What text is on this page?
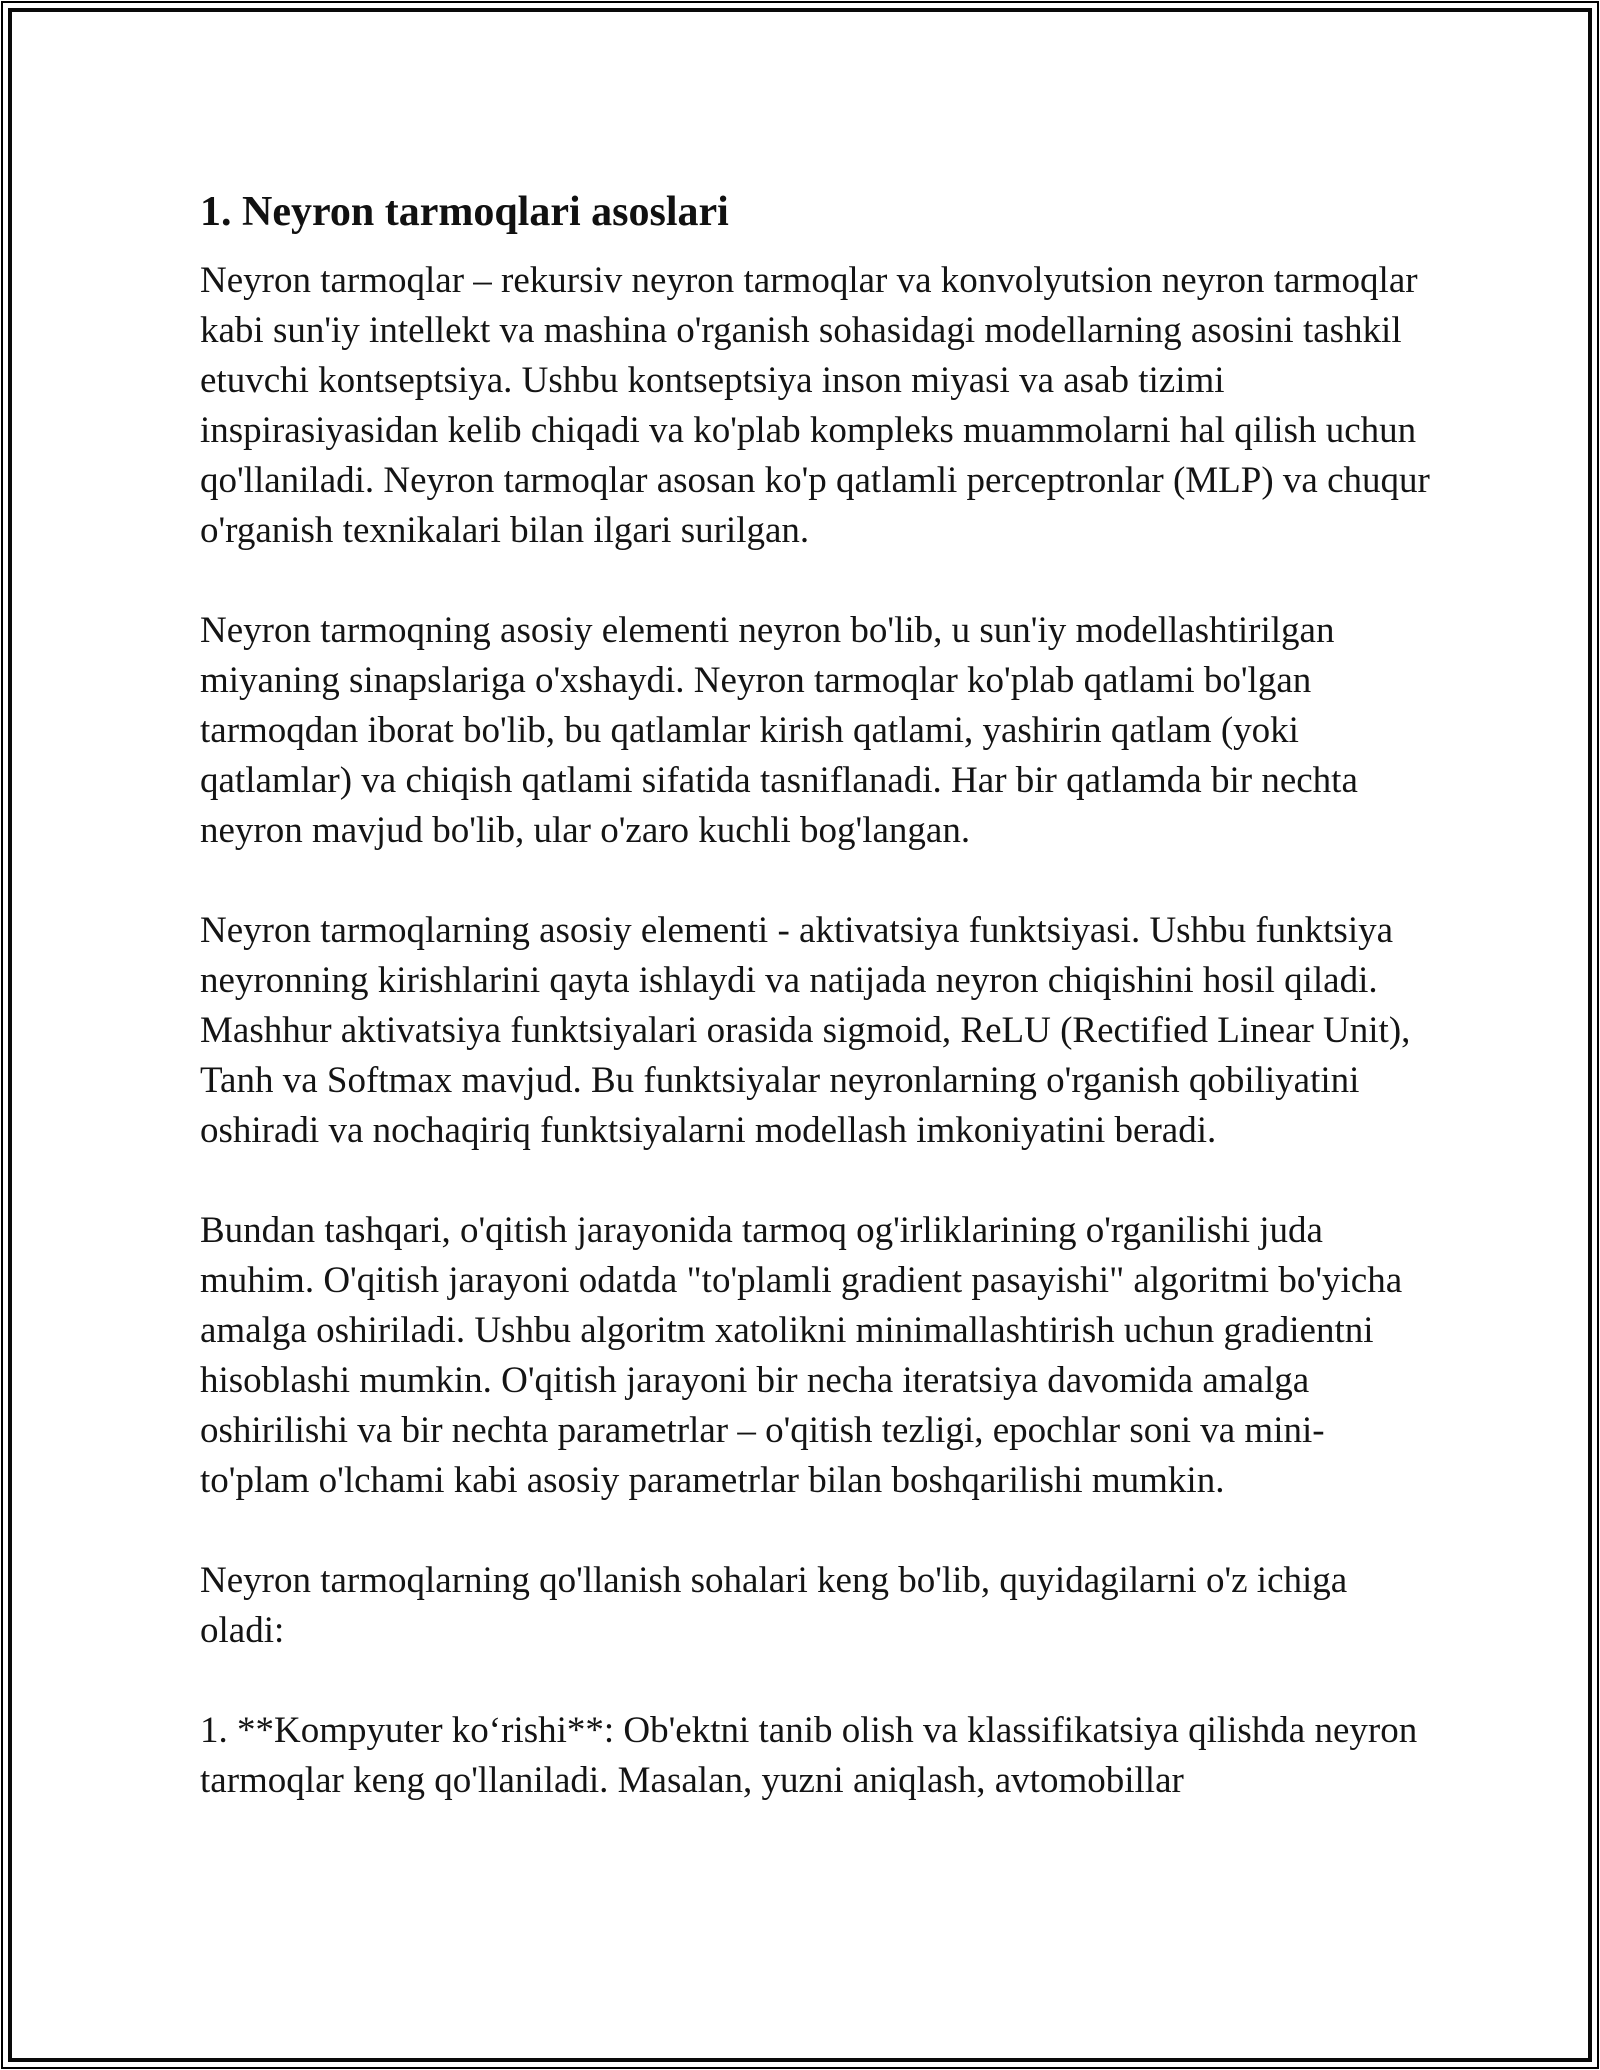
1. Neyron tarmoqlari asoslari

Neyron tarmoqlar – rekursiv neyron tarmoqlar va konvolyutsion neyron tarmoqlar kabi sun'iy intellekt va mashina o'rganish sohasidagi modellarning asosini tashkil etuvchi kontseptsiya. Ushbu kontseptsiya inson miyasi va asab tizimi inspirasiyasidan kelib chiqadi va ko'plab kompleks muammolarni hal qilish uchun qo'llaniladi. Neyron tarmoqlar asosan ko'p qatlamli perceptronlar (MLP) va chuqur o'rganish texnikalari bilan ilgari surilgan.

Neyron tarmoqning asosiy elementi neyron bo'lib, u sun'iy modellashtirilgan miyaning sinapslariga o'xshaydi. Neyron tarmoqlar ko'plab qatlami bo'lgan tarmoqdan iborat bo'lib, bu qatlamlar kirish qatlami, yashirin qatlam (yoki qatlamlar) va chiqish qatlami sifatida tasniflanadi. Har bir qatlamda bir nechta neyron mavjud bo'lib, ular o'zaro kuchli bog'langan.

Neyron tarmoqlarning asosiy elementi - aktivatsiya funktsiyasi. Ushbu funktsiya neyronning kirishlarini qayta ishlaydi va natijada neyron chiqishini hosil qiladi. Mashhur aktivatsiya funktsiyalari orasida sigmoid, ReLU (Rectified Linear Unit), Tanh va Softmax mavjud. Bu funktsiyalar neyronlarning o'rganish qobiliyatini oshiradi va nochaqiriq funktsiyalarni modellash imkoniyatini beradi.

Bundan tashqari, o'qitish jarayonida tarmoq og'irliklarining o'rganilishi juda muhim. O'qitish jarayoni odatda "to'plamli gradient pasayishi" algoritmi bo'yicha amalga oshiriladi. Ushbu algoritm xatolikni minimallashtirish uchun gradientni hisoblashi mumkin. O'qitish jarayoni bir necha iteratsiya davomida amalga oshirilishi va bir nechta parametrlar – o'qitish tezligi, epochlar soni va mini-to'plam o'lchami kabi asosiy parametrlar bilan boshqarilishi mumkin.

Neyron tarmoqlarning qo'llanish sohalari keng bo'lib, quyidagilarni o'z ichiga oladi:

1. **Kompyuter koʻrishi**: Ob'ektni tanib olish va klassifikatsiya qilishda neyron tarmoqlar keng qo'llaniladi. Masalan, yuzni aniqlash, avtomobillar
